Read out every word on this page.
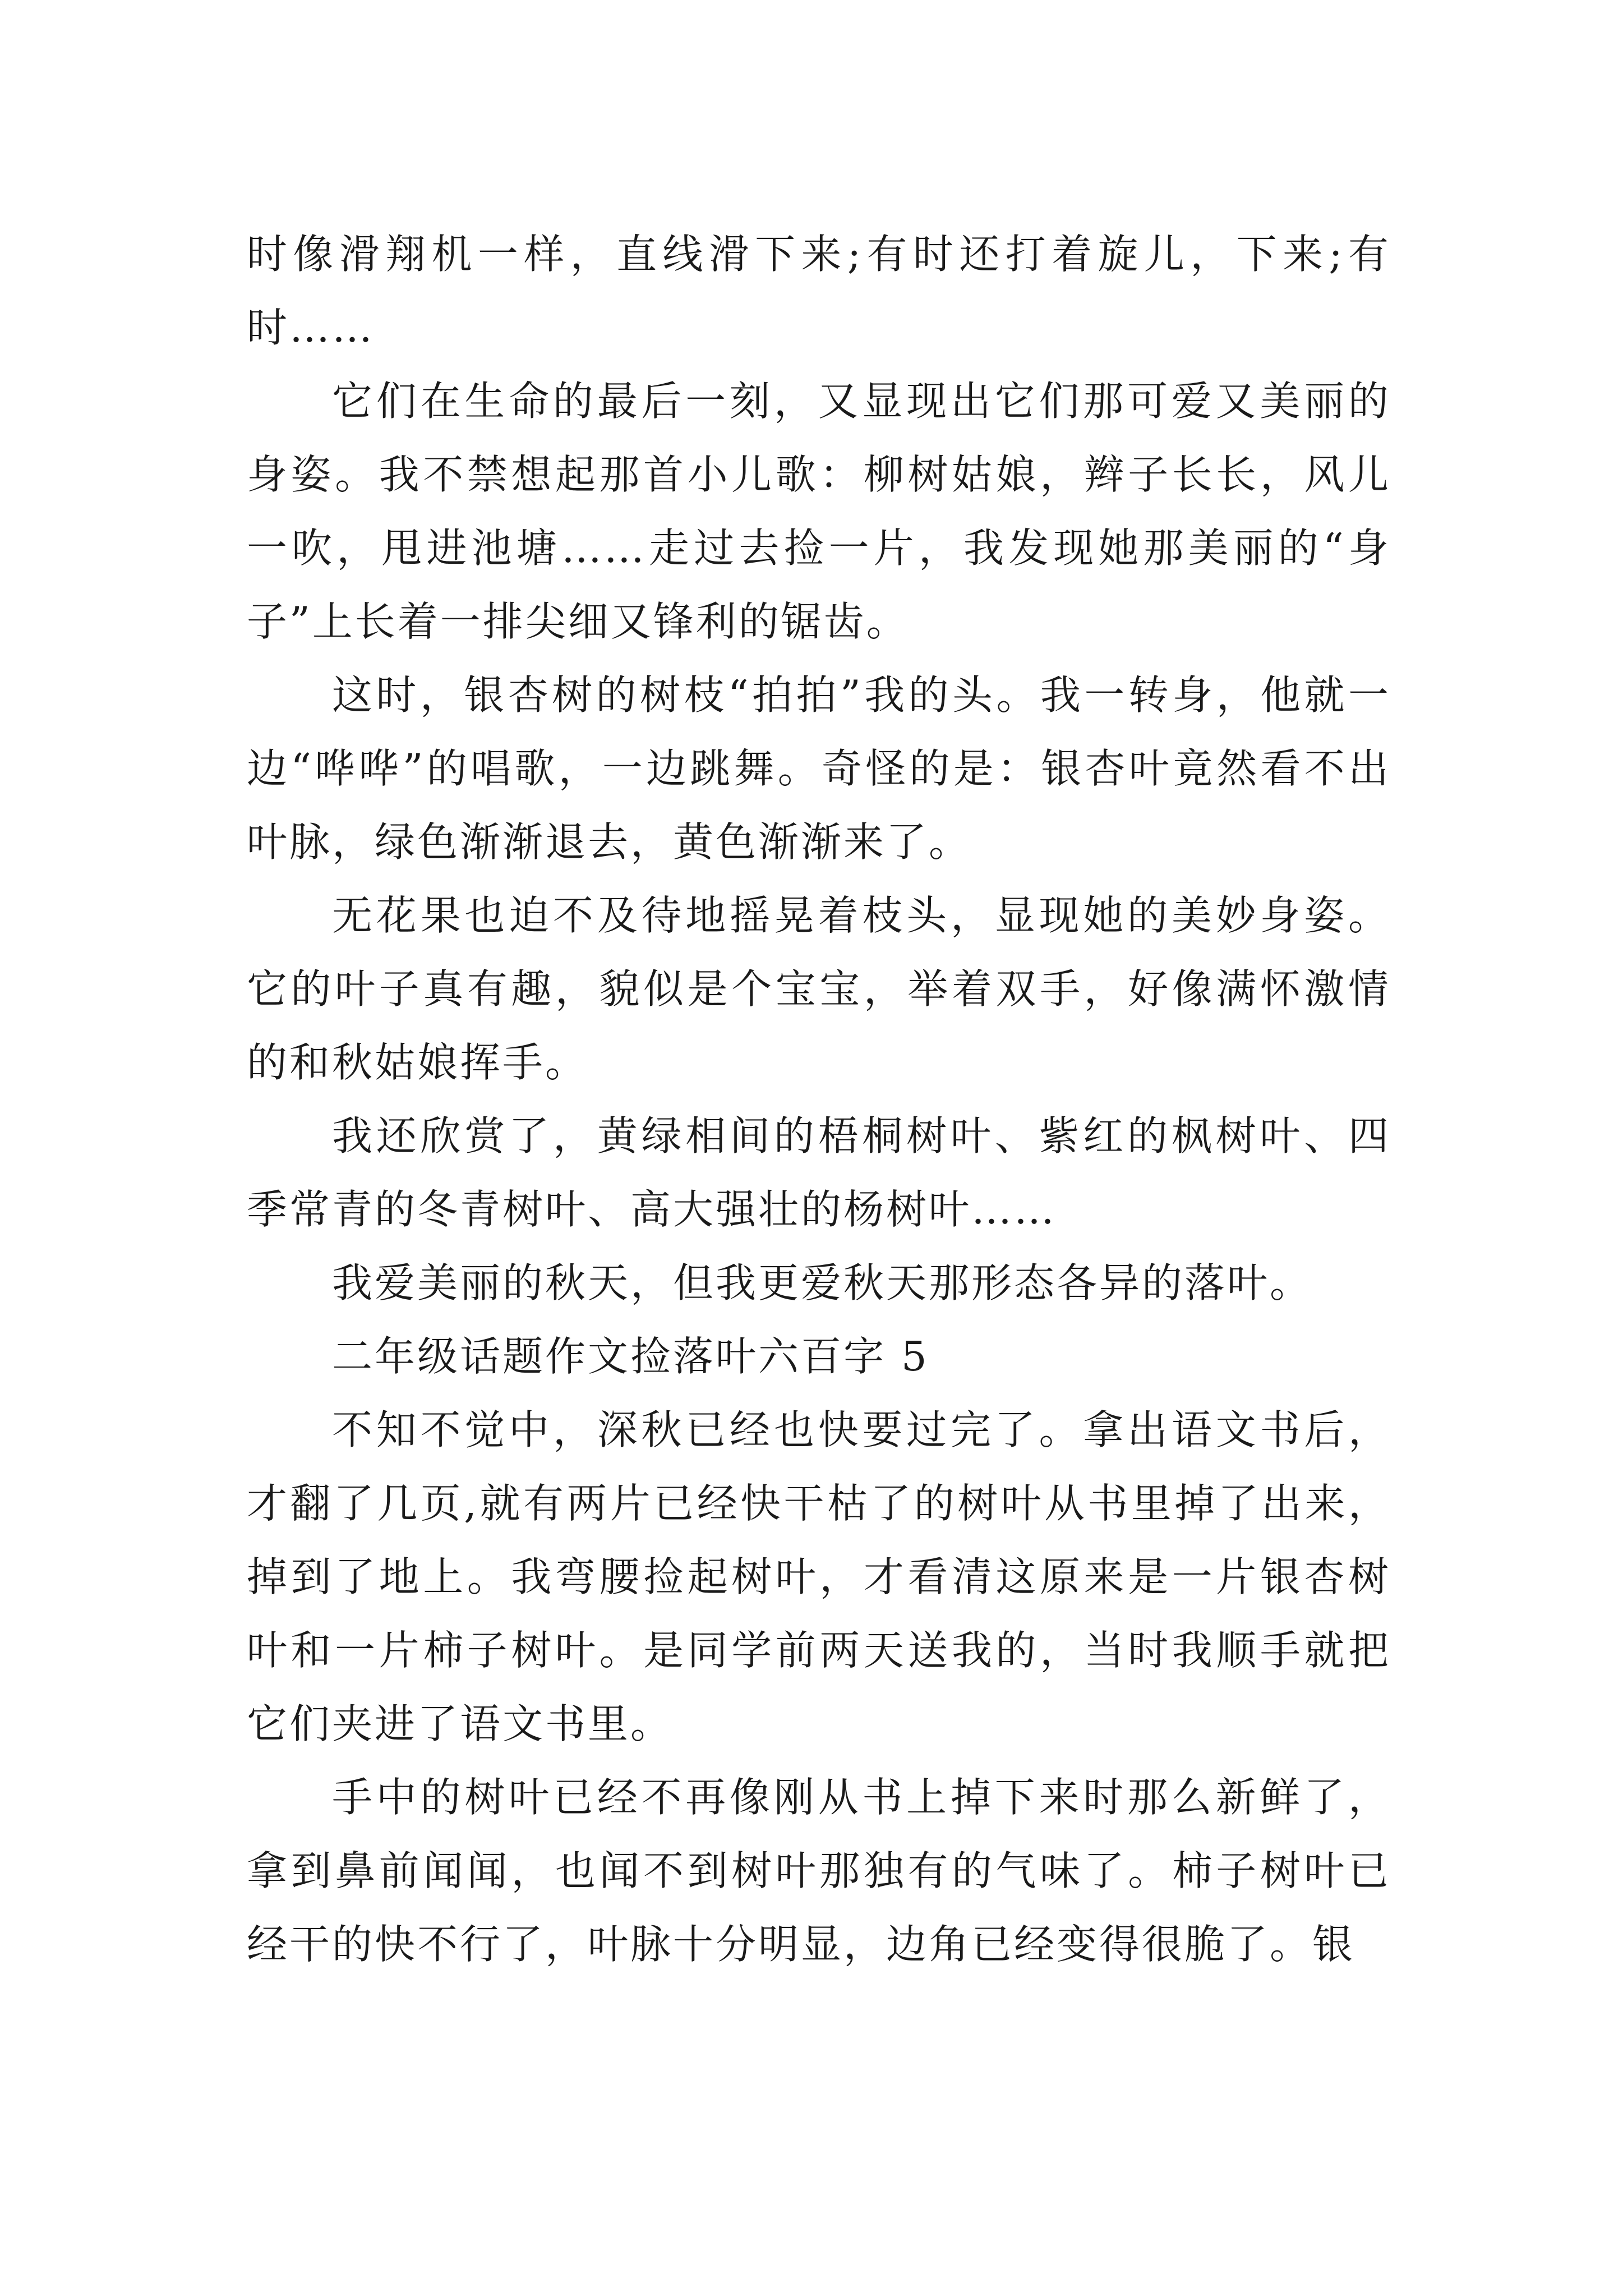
时像滑翔机一样，直线滑下来;有时还打着旋儿，下来;有时……

它们在生命的最后一刻，又显现出它们那可爱又美丽的身姿。我不禁想起那首小儿歌：柳树姑娘，辫子长长，风儿一吹，甩进池塘……走过去捡一片，我发现她那美丽的“身子”上长着一排尖细又锋利的锯齿。

这时，银杏树的树枝“拍拍”我的头。我一转身，他就一边“哗哗”的唱歌，一边跳舞。奇怪的是：银杏叶竟然看不出叶脉，绿色渐渐退去，黄色渐渐来了。

无花果也迫不及待地摇晃着枝头，显现她的美妙身姿。它的叶子真有趣，貌似是个宝宝，举着双手，好像满怀激情的和秋姑娘挥手。

我还欣赏了，黄绿相间的梧桐树叶、紫红的枫树叶、四季常青的冬青树叶、高大强壮的杨树叶……

我爱美丽的秋天，但我更爱秋天那形态各异的落叶。

二年级话题作文捡落叶六百字 5

不知不觉中，深秋已经也快要过完了。拿出语文书后，才翻了几页,就有两片已经快干枯了的树叶从书里掉了出来，掉到了地上。我弯腰捡起树叶，才看清这原来是一片银杏树叶和一片柿子树叶。是同学前两天送我的，当时我顺手就把它们夹进了语文书里。

手中的树叶已经不再像刚从书上掉下来时那么新鲜了，拿到鼻前闻闻，也闻不到树叶那独有的气味了。柿子树叶已经干的快不行了，叶脉十分明显，边角已经变得很脆了。银
